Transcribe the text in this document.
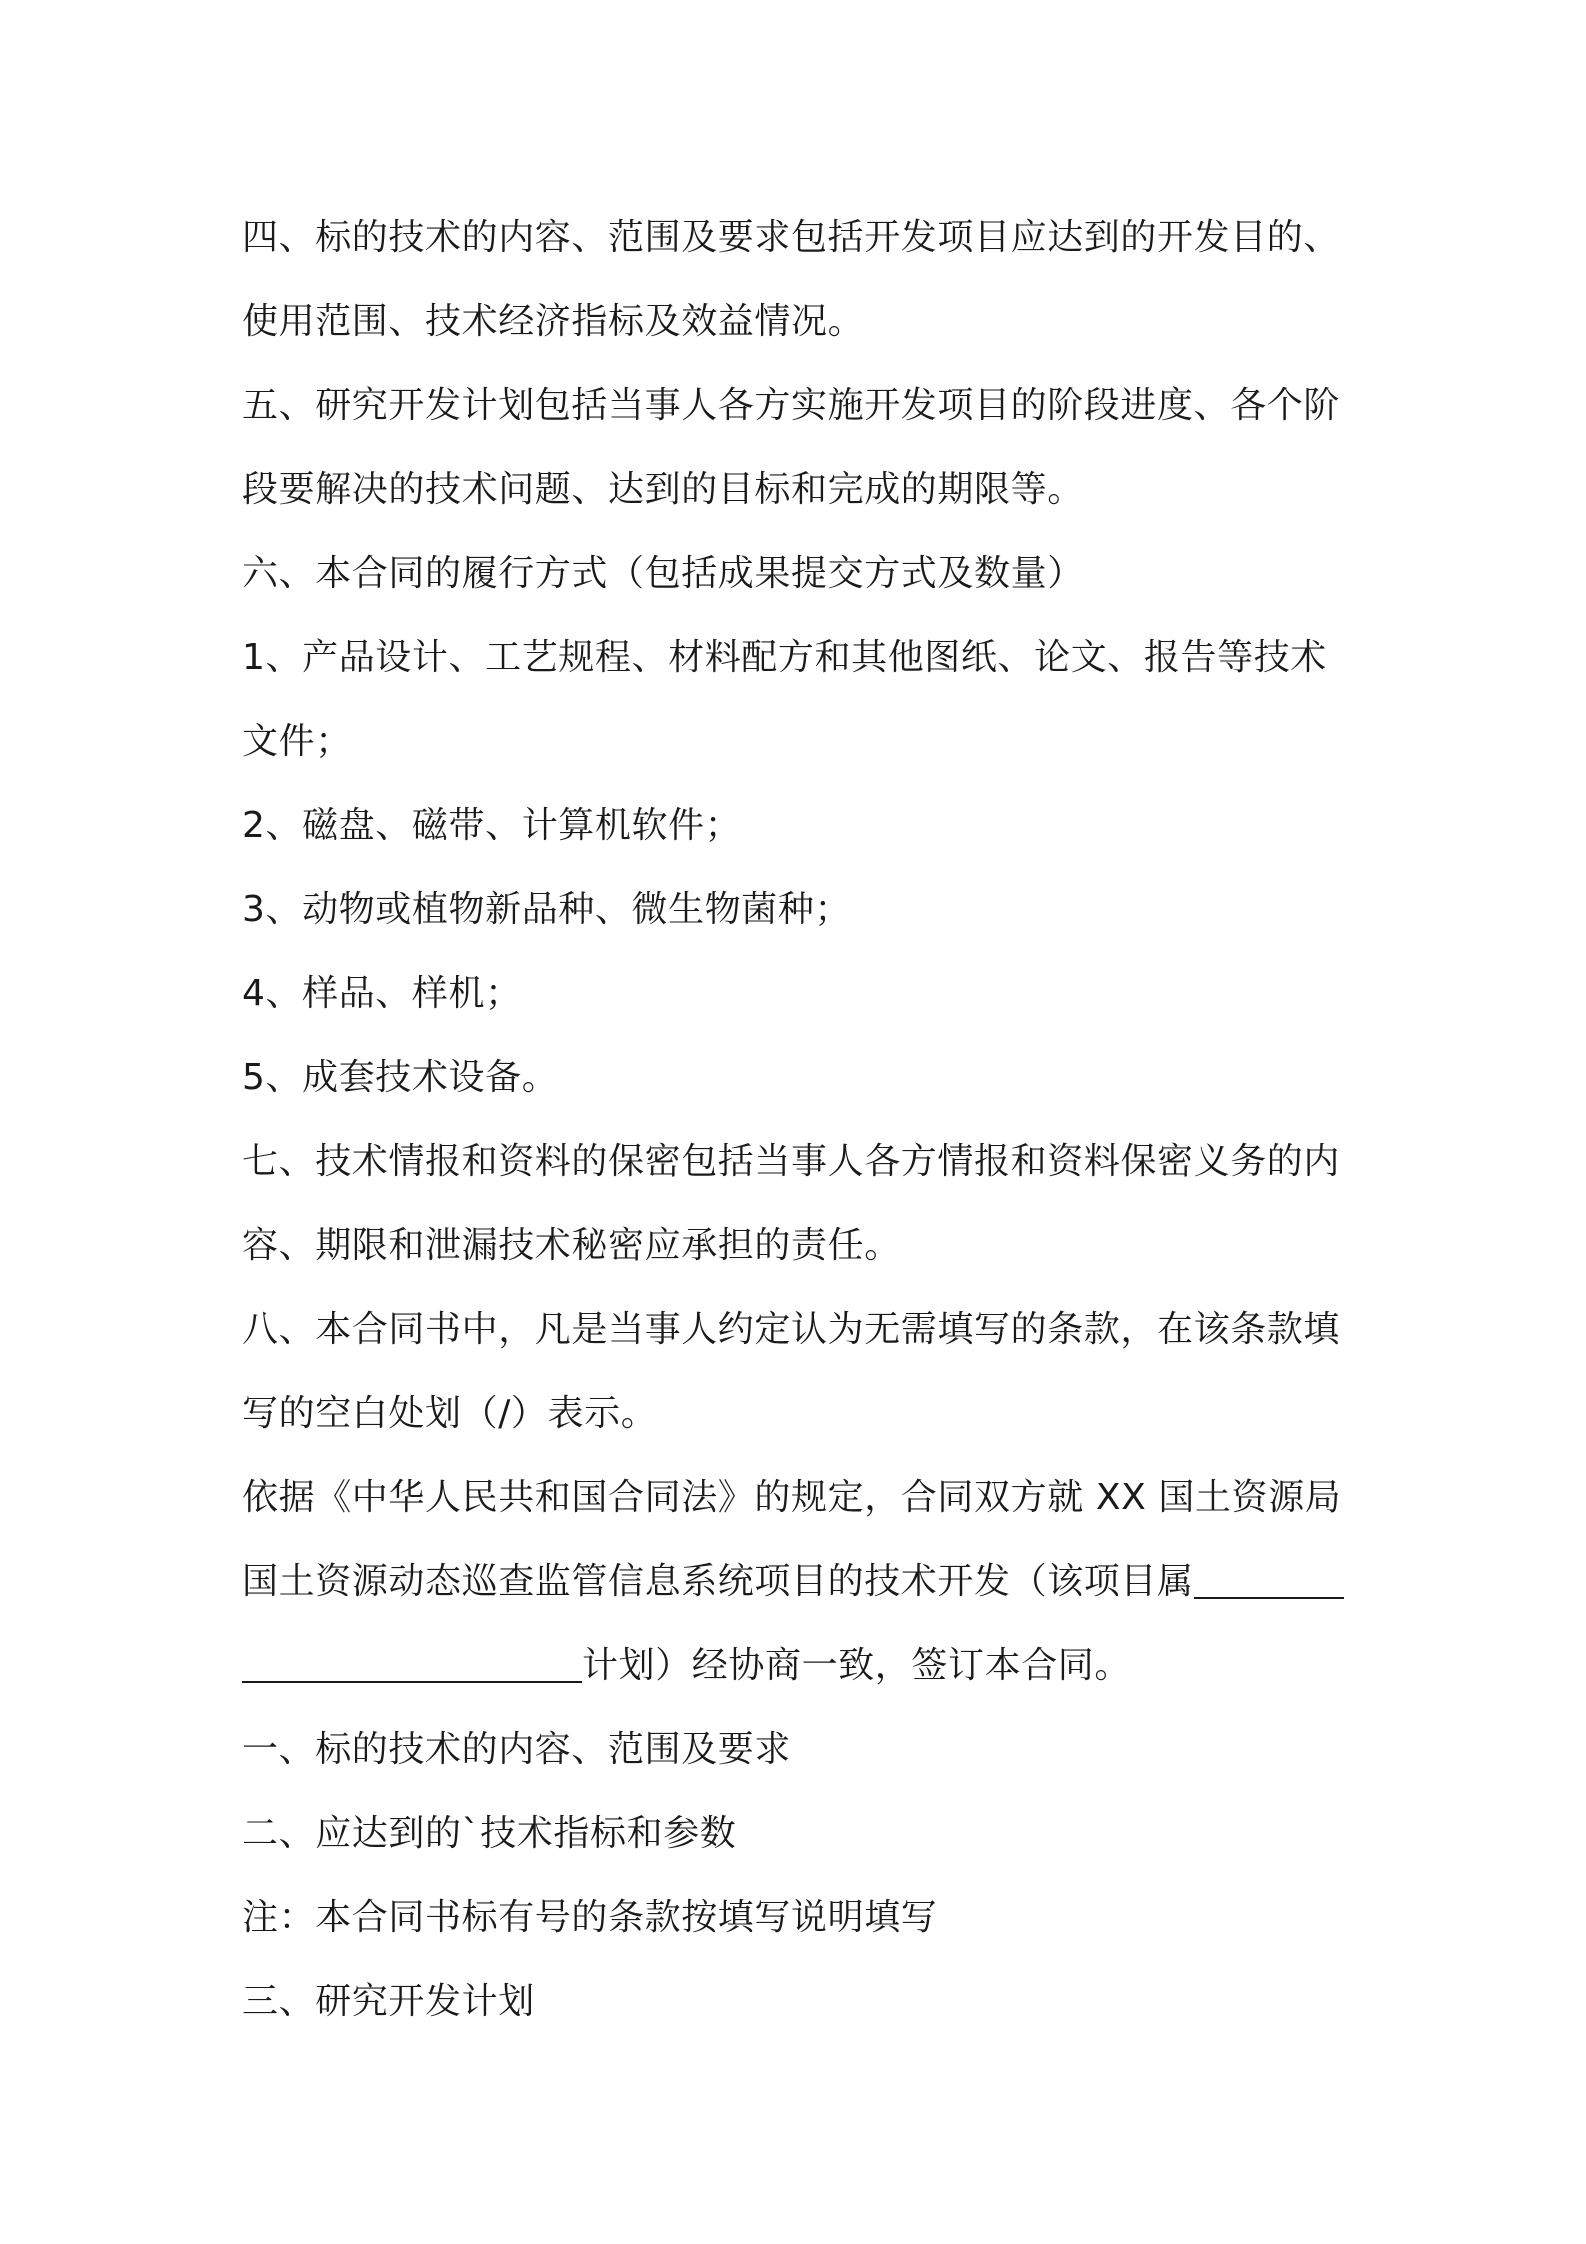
四、标的技术的内容、范围及要求包括开发项目应达到的开发目的、
使用范围、技术经济指标及效益情况。
五、研究开发计划包括当事人各方实施开发项目的阶段进度、各个阶
段要解决的技术问题、达到的目标和完成的期限等。
六、本合同的履行方式（包括成果提交方式及数量）
1、产品设计、工艺规程、材料配方和其他图纸、论文、报告等技术
文件；
2、磁盘、磁带、计算机软件；
3、动物或植物新品种、微生物菌种；
4、样品、样机；
5、成套技术设备。
七、技术情报和资料的保密包括当事人各方情报和资料保密义务的内
容、期限和泄漏技术秘密应承担的责任。
八、本合同书中，凡是当事人约定认为无需填写的条款，在该条款填
写的空白处划（/）表示。
依据《中华人民共和国合同法》的规定，合同双方就 XX 国土资源局
国土资源动态巡查监管信息系统项目的技术开发（该项目属
计划）经协商一致，签订本合同。
一、标的技术的内容、范围及要求
二、应达到的`技术指标和参数
注：本合同书标有号的条款按填写说明填写
三、研究开发计划
